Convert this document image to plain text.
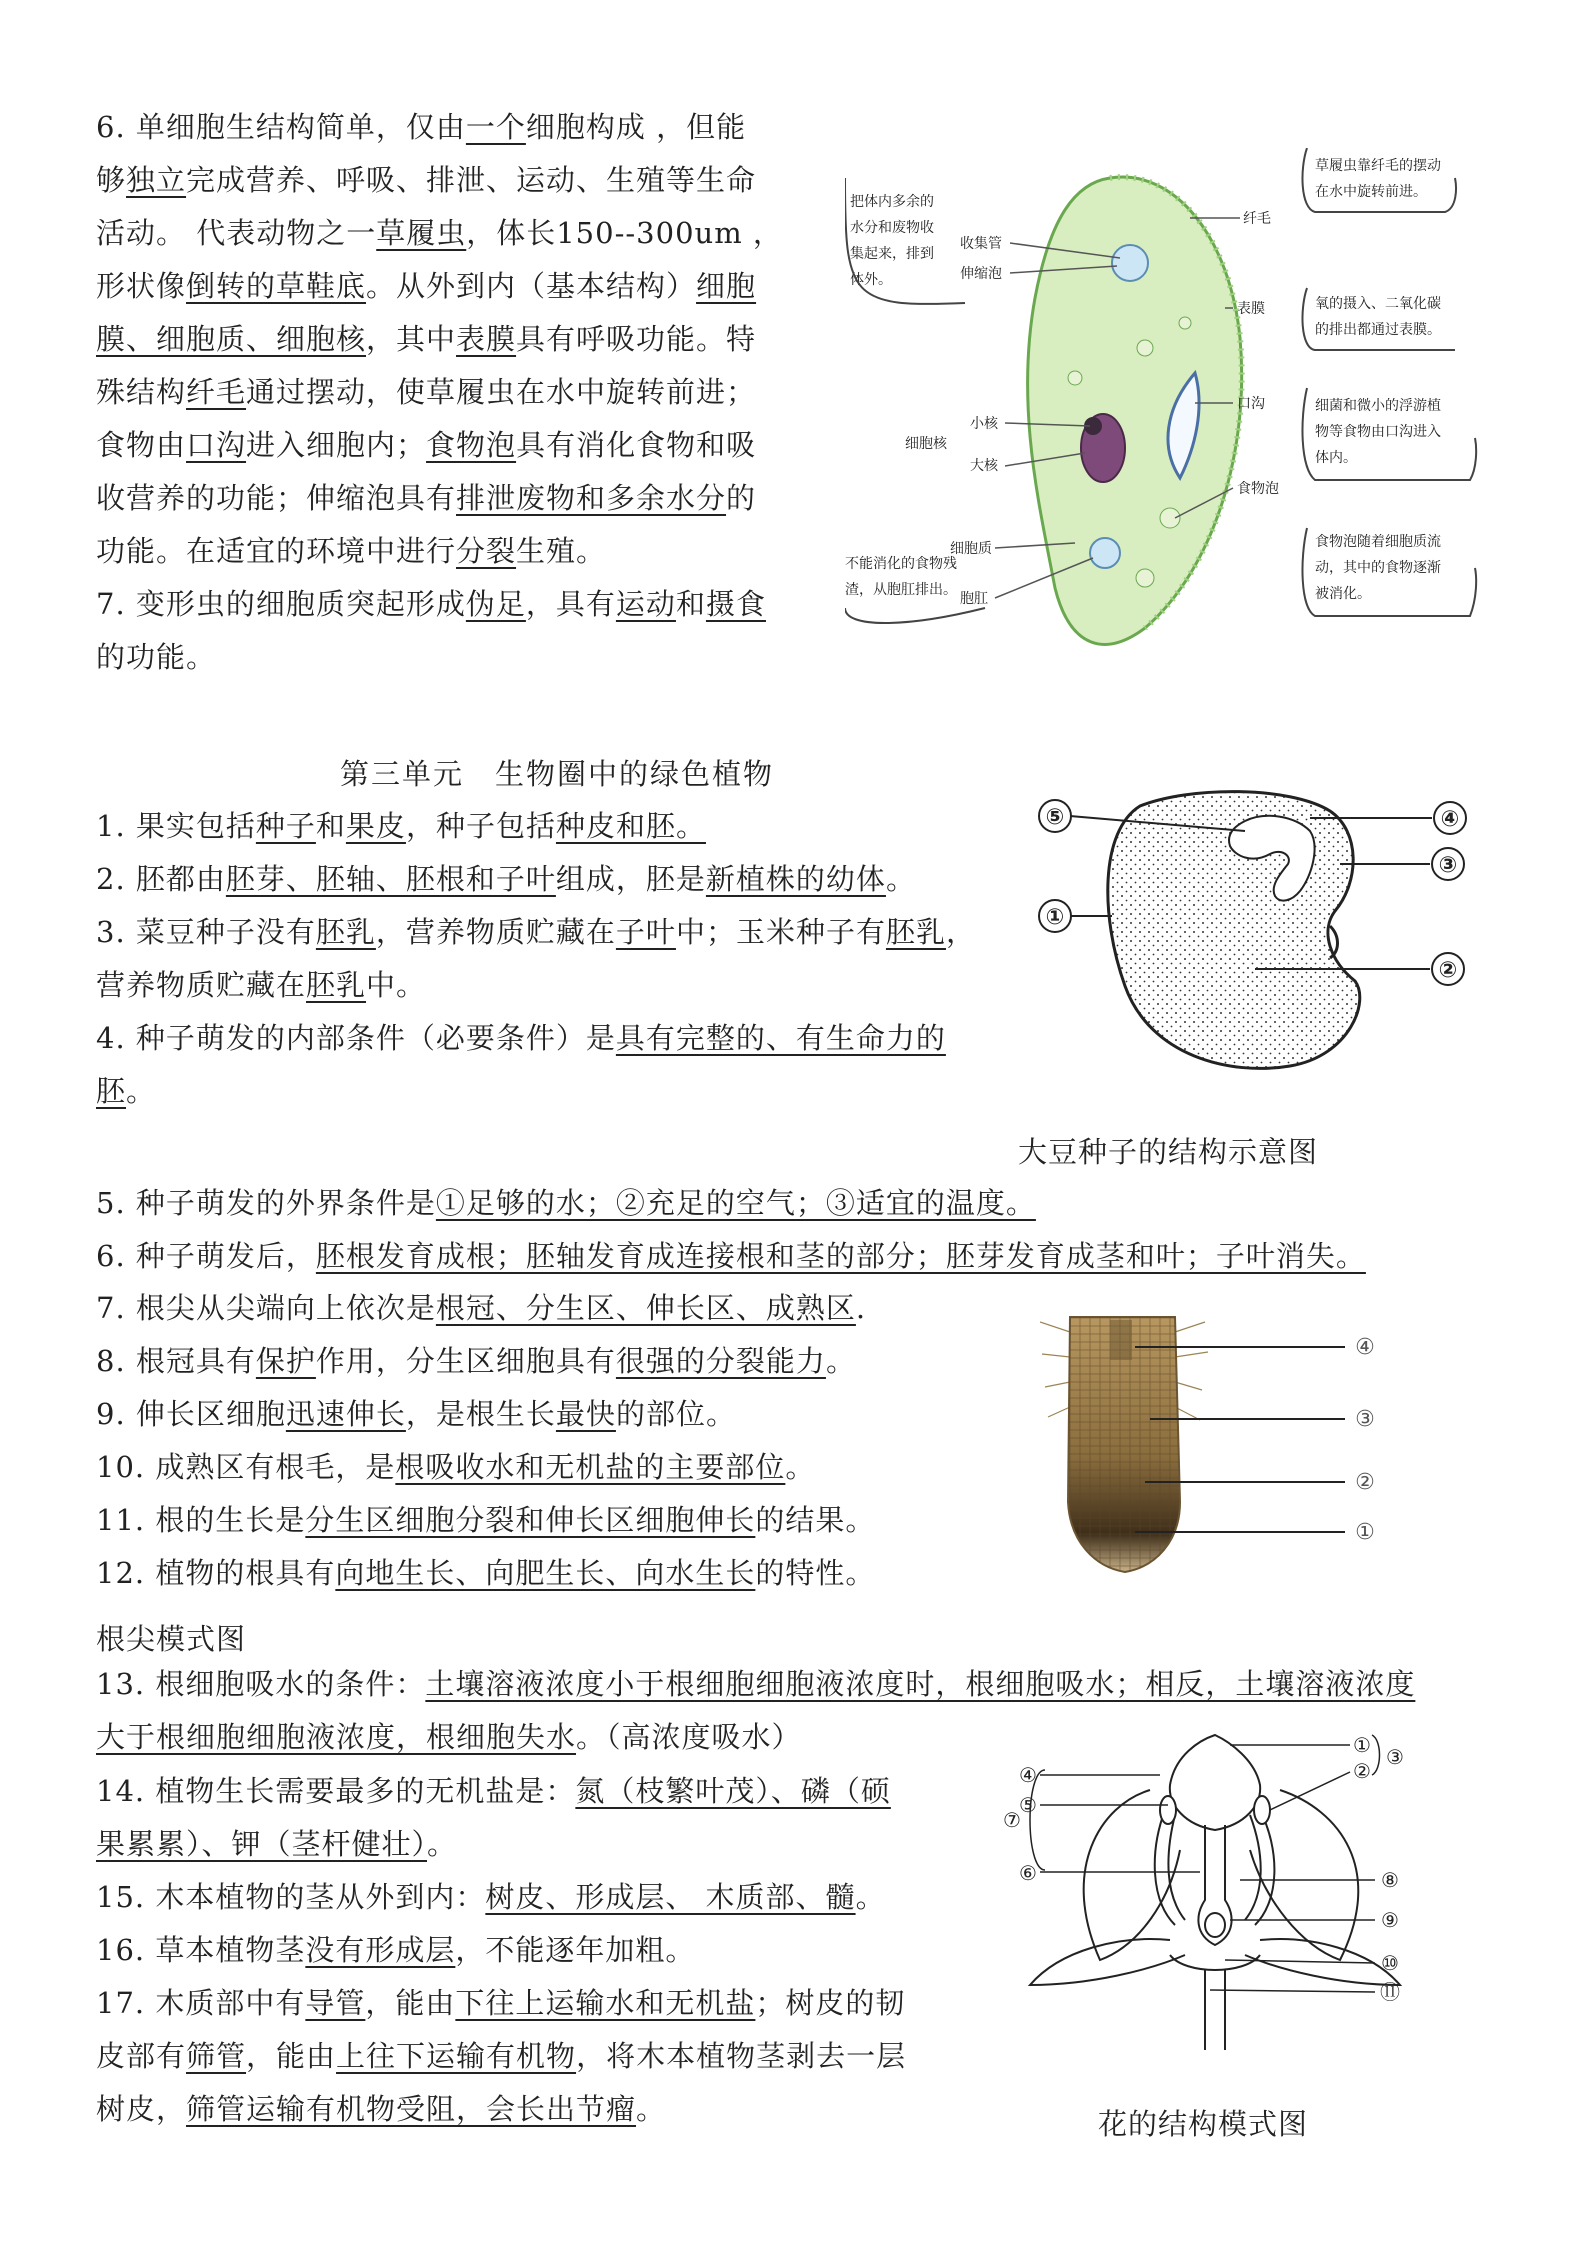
6. 单细胞生结构简单，仅由一个细胞构成 ，但能
够独立完成营养、呼吸、排泄、运动、生殖等生命
活动。 代表动物之一草履虫，体长150--300um ，
形状像倒转的草鞋底。从外到内（基本结构）细胞
膜、细胞质、细胞核，其中表膜具有呼吸功能。特
殊结构纤毛通过摆动，使草履虫在水中旋转前进；
食物由口沟进入细胞内；食物泡具有消化食物和吸
收营养的功能；伸缩泡具有排泄废物和多余水分的
功能。在适宜的环境中进行分裂生殖。
7. 变形虫的细胞质突起形成伪足，具有运动和摄食
的功能。
第三单元　生物圈中的绿色植物
1. 果实包括种子和果皮，种子包括种皮和胚。
2. 胚都由胚芽、胚轴、胚根和子叶组成，胚是新植株的幼体。
3. 菜豆种子没有胚乳，营养物质贮藏在子叶中；玉米种子有胚乳，
营养物质贮藏在胚乳中。
4. 种子萌发的内部条件（必要条件）是具有完整的、有生命力的
胚。
大豆种子的结构示意图
5. 种子萌发的外界条件是①足够的水；②充足的空气；③适宜的温度。
6. 种子萌发后，胚根发育成根；胚轴发育成连接根和茎的部分；胚芽发育成茎和叶；子叶消失。
7. 根尖从尖端向上依次是根冠、分生区、伸长区、成熟区.
8. 根冠具有保护作用，分生区细胞具有很强的分裂能力。
9. 伸长区细胞迅速伸长，是根生长最快的部位。
10. 成熟区有根毛，是根吸收水和无机盐的主要部位。
11. 根的生长是分生区细胞分裂和伸长区细胞伸长的结果。
12. 植物的根具有向地生长、向肥生长、向水生长的特性。
根尖模式图
13. 根细胞吸水的条件：土壤溶液浓度小于根细胞细胞液浓度时，根细胞吸水；相反，土壤溶液浓度
大于根细胞细胞液浓度，根细胞失水。（高浓度吸水）
14. 植物生长需要最多的无机盐是：氮（枝繁叶茂）、磷（硕
果累累）、钾（茎杆健壮）。
15. 木本植物的茎从外到内：树皮、形成层、 木质部、髓。
16. 草本植物茎没有形成层，不能逐年加粗。
17. 木质部中有导管，能由下往上运输水和无机盐；树皮的韧
皮部有筛管，能由上往下运输有机物，将木本植物茎剥去一层
树皮，筛管运输有机物受阻，会长出节瘤。	花的结构模式图
把体内多余的
水分和废物收
集起来，排到
体外。
不能消化的食物残
渣，从胞肛排出。
收集管
伸缩泡
小核
细胞核
大核
细胞质
胞肛
纤毛
表膜
口沟
食物泡
草履虫靠纤毛的摆动
在水中旋转前进。
氧的摄入、二氧化碳
的排出都通过表膜。
细菌和微小的浮游植
物等食物由口沟进入
体内。
食物泡随着细胞质流
动，其中的食物逐渐
被消化。
⑤	④
③
①
②
④
③
②
①
①
②
③
④
⑤
⑥
⑦
⑧
⑨
⑩
⑪
